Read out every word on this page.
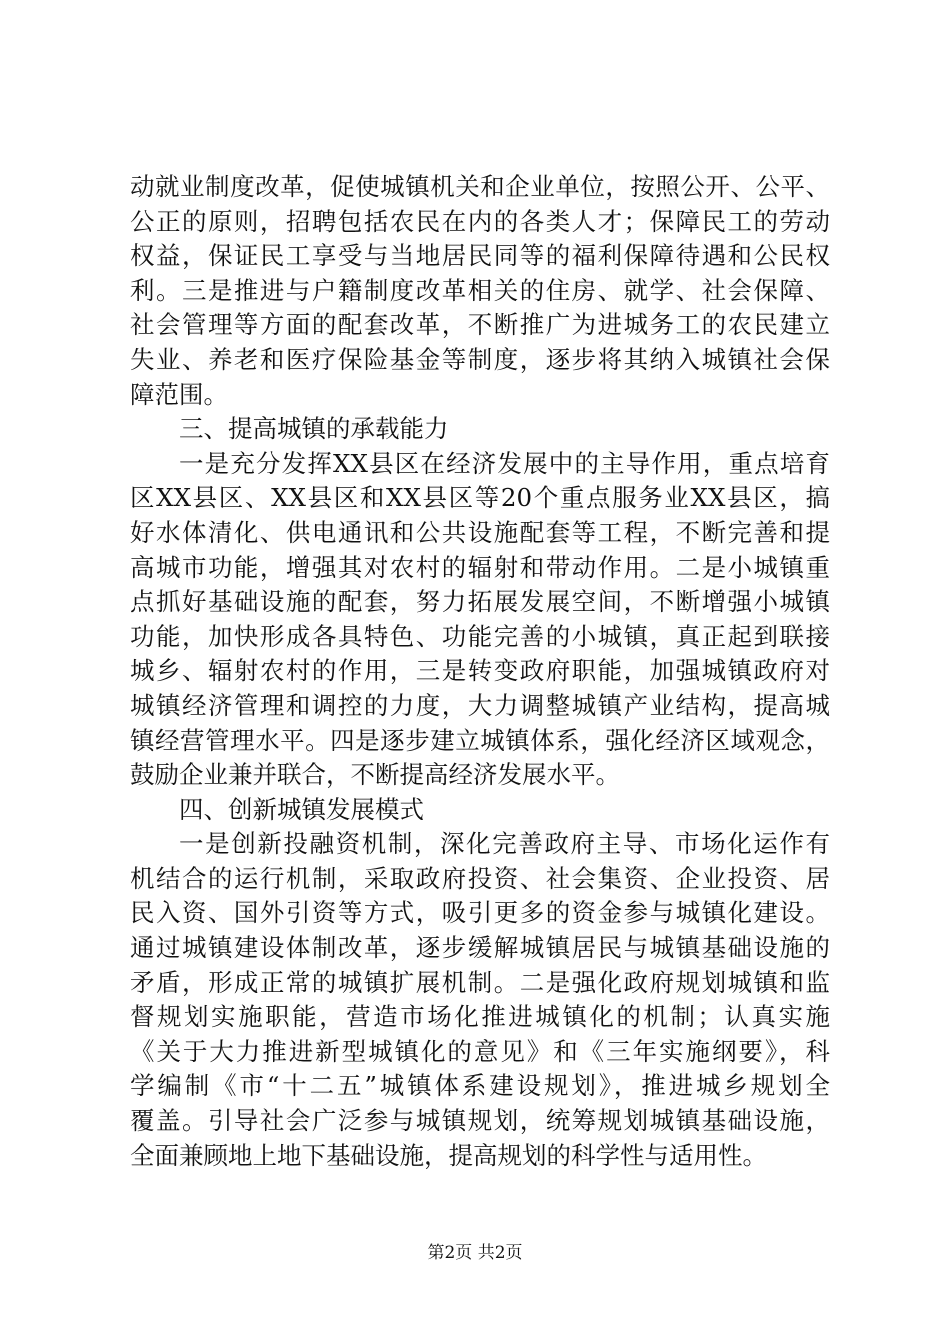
动就业制度改革，促使城镇机关和企业单位，按照公开、公平、
公正的原则，招聘包括农民在内的各类人才；保障民工的劳动
权益，保证民工享受与当地居民同等的福利保障待遇和公民权
利。三是推进与户籍制度改革相关的住房、就学、社会保障、
社会管理等方面的配套改革，不断推广为进城务工的农民建立
失业、养老和医疗保险基金等制度，逐步将其纳入城镇社会保
障范围。
三、提高城镇的承载能力
一是充分发挥XX县区在经济发展中的主导作用，重点培育
区XX县区、XX县区和XX县区等20个重点服务业XX县区，搞
好水体清化、供电通讯和公共设施配套等工程，不断完善和提
高城市功能，增强其对农村的辐射和带动作用。二是小城镇重
点抓好基础设施的配套，努力拓展发展空间，不断增强小城镇
功能，加快形成各具特色、功能完善的小城镇，真正起到联接
城乡、辐射农村的作用，三是转变政府职能，加强城镇政府对
城镇经济管理和调控的力度，大力调整城镇产业结构，提高城
镇经营管理水平。四是逐步建立城镇体系，强化经济区域观念，
鼓励企业兼并联合，不断提高经济发展水平。
四、创新城镇发展模式
一是创新投融资机制，深化完善政府主导、市场化运作有
机结合的运行机制，采取政府投资、社会集资、企业投资、居
民入资、国外引资等方式，吸引更多的资金参与城镇化建设。
通过城镇建设体制改革，逐步缓解城镇居民与城镇基础设施的
矛盾，形成正常的城镇扩展机制。二是强化政府规划城镇和监
督规划实施职能，营造市场化推进城镇化的机制；认真实施
《关于大力推进新型城镇化的意见》和《三年实施纲要》，科
学编制《市“十二五”城镇体系建设规划》，推进城乡规划全
覆盖。引导社会广泛参与城镇规划，统筹规划城镇基础设施，
全面兼顾地上地下基础设施，提高规划的科学性与适用性。
第2页 共2页
